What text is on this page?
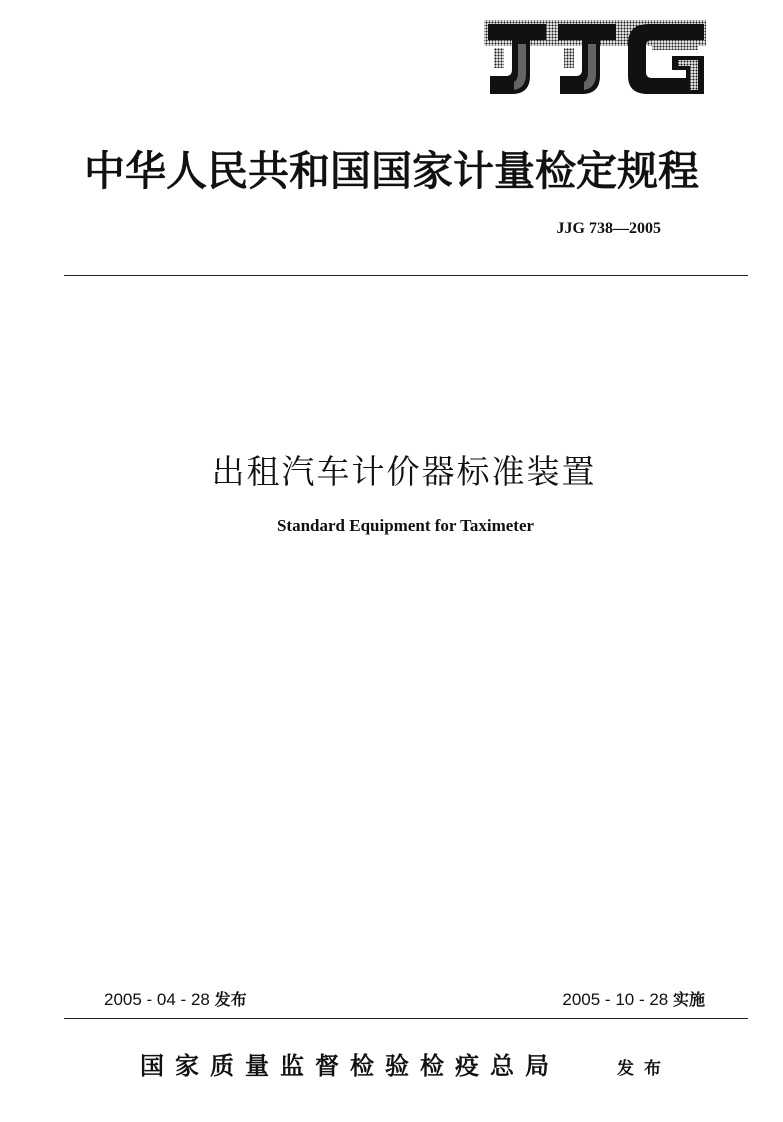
中华人民共和国国家计量检定规程
JJG 738—2005
出租汽车计价器标准装置
Standard Equipment for Taximeter
2005 - 04 - 28 发布	2005 - 10 - 28 实施
国家质量监督检验检疫总局	发布
